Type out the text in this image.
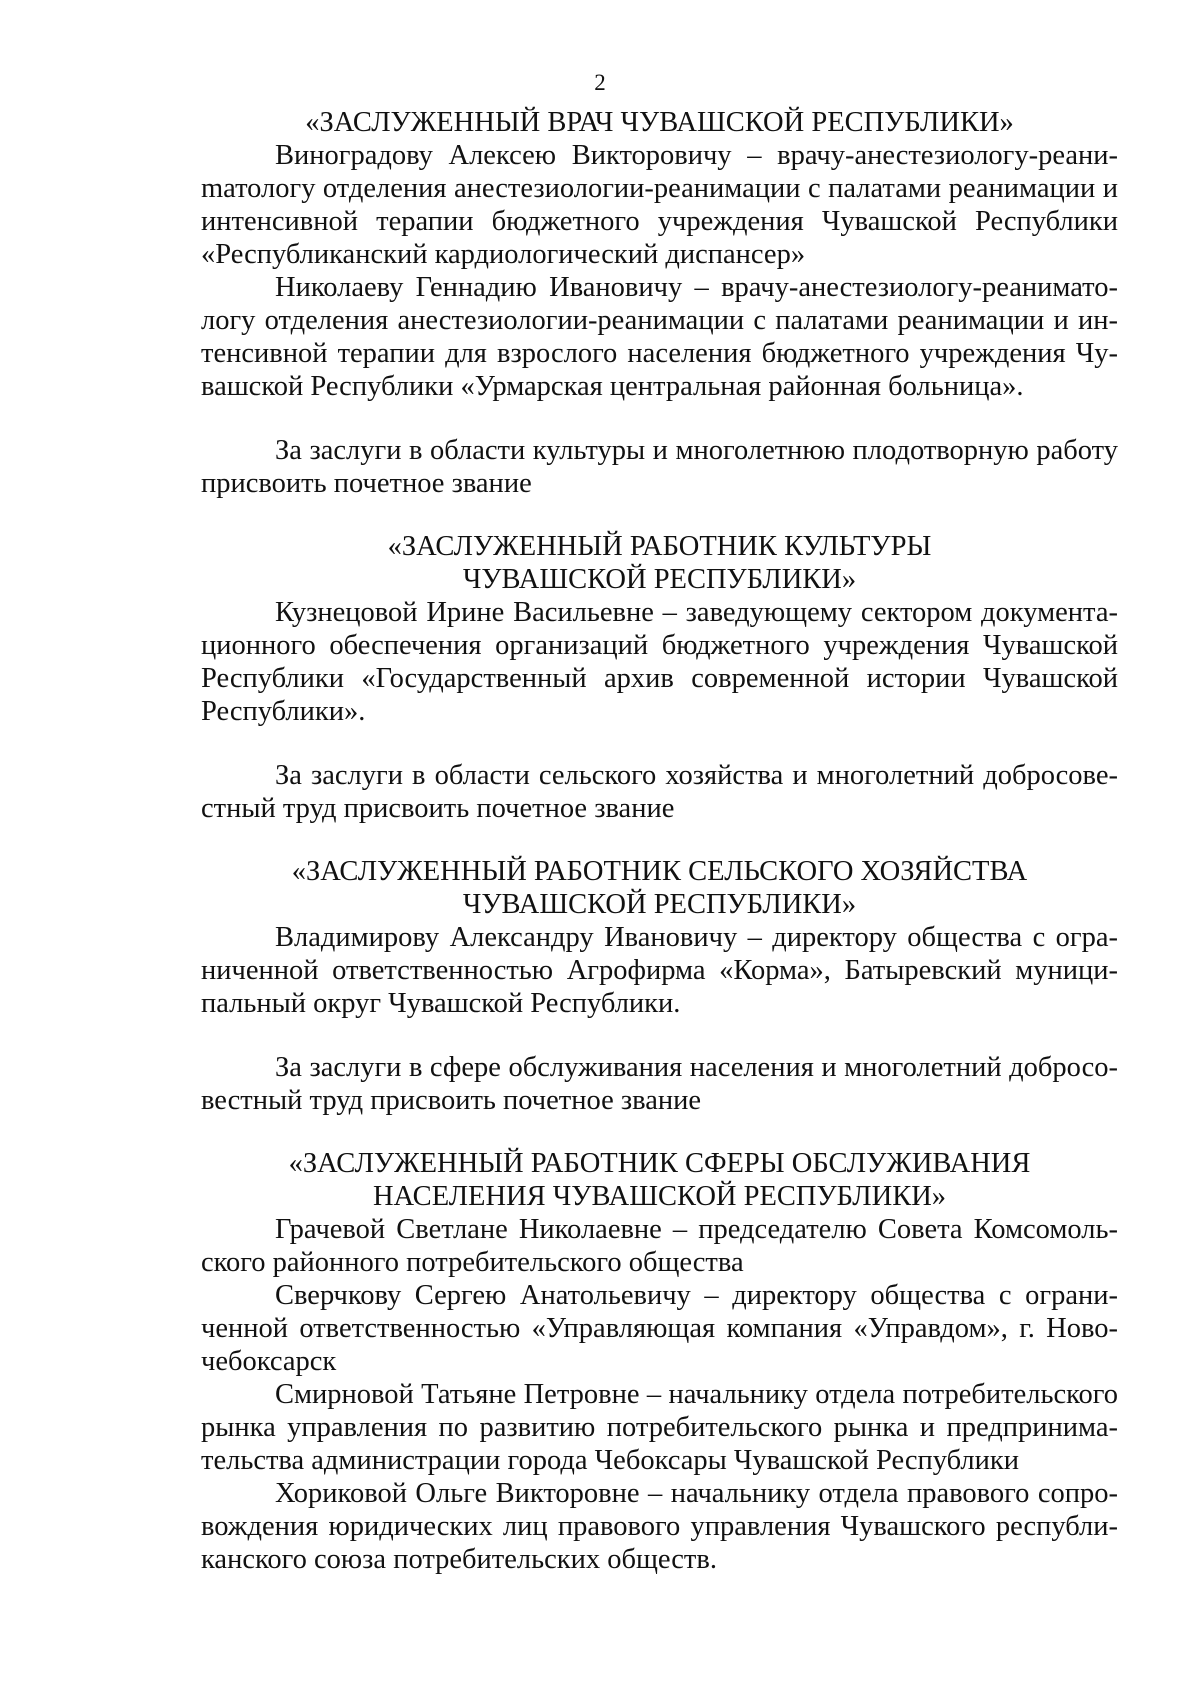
2

«ЗАСЛУЖЕННЫЙ ВРАЧ ЧУВАШСКОЙ РЕСПУБЛИКИ»

Виноградову Алексею Викторовичу – врачу-анестезиологу-реаниmатологу отделения анестезиологии-реанимации с палатами реанимации и интенсивной терапии бюджетного учреждения Чувашской Республики «Республиканский кардиологический диспансер»

Николаеву Геннадию Ивановичу – врачу-анестезиологу-реаниматологу отделения анестезиологии-реанимации с палатами реанимации и интенсивной терапии для взрослого населения бюджетного учреждения Чувашской Республики «Урмарская центральная районная больница».

За заслуги в области культуры и многолетнюю плодотворную работу присвоить почетное звание

«ЗАСЛУЖЕННЫЙ РАБОТНИК КУЛЬТУРЫ
ЧУВАШСКОЙ РЕСПУБЛИКИ»

Кузнецовой Ирине Васильевне – заведующему сектором документационного обеспечения организаций бюджетного учреждения Чувашской Республики «Государственный архив современной истории Чувашской Республики».

За заслуги в области сельского хозяйства и многолетний добросовестный труд присвоить почетное звание

«ЗАСЛУЖЕННЫЙ РАБОТНИК СЕЛЬСКОГО ХОЗЯЙСТВА
ЧУВАШСКОЙ РЕСПУБЛИКИ»

Владимирову Александру Ивановичу – директору общества с ограниченной ответственностью Агрофирма «Корма», Батыревский муниципальный округ Чувашской Республики.

За заслуги в сфере обслуживания населения и многолетний добросовестный труд присвоить почетное звание

«ЗАСЛУЖЕННЫЙ РАБОТНИК СФЕРЫ ОБСЛУЖИВАНИЯ
НАСЕЛЕНИЯ ЧУВАШСКОЙ РЕСПУБЛИКИ»

Грачевой Светлане Николаевне – председателю Совета Комсомольского районного потребительского общества

Сверчкову Сергею Анатольевичу – директору общества с ограниченной ответственностью «Управляющая компания «Управдом», г. Новочебоксарск

Смирновой Татьяне Петровне – начальнику отдела потребительского рынка управления по развитию потребительского рынка и предпринимательства администрации города Чебоксары Чувашской Республики

Хориковой Ольге Викторовне – начальнику отдела правового сопровождения юридических лиц правового управления Чувашского республиканского союза потребительских обществ.
